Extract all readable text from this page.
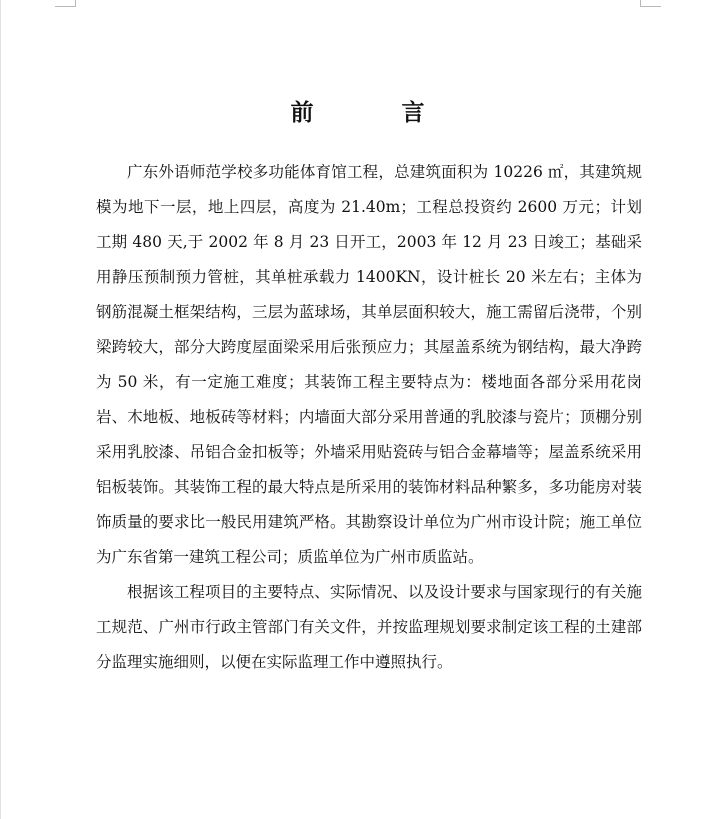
前 言

广东外语师范学校多功能体育馆工程，总建筑面积为 10226 ㎡，其建筑规模为地下一层，地上四层，高度为 21.40m；工程总投资约 2600 万元；计划工期 480 天,于 2002 年 8 月 23 日开工，2003 年 12 月 23 日竣工；基础采用静压预制预力管桩，其单桩承载力 1400KN，设计桩长 20 米左右；主体为钢筋混凝土框架结构，三层为蓝球场，其单层面积较大，施工需留后浇带，个别梁跨较大，部分大跨度屋面梁采用后张预应力；其屋盖系统为钢结构，最大净跨为 50 米，有一定施工难度；其装饰工程主要特点为：楼地面各部分采用花岗岩、木地板、地板砖等材料；内墙面大部分采用普通的乳胶漆与瓷片；顶棚分别采用乳胶漆、吊铝合金扣板等；外墙采用贴瓷砖与铝合金幕墙等；屋盖系统采用铝板装饰。其装饰工程的最大特点是所采用的装饰材料品种繁多，多功能房对装饰质量的要求比一般民用建筑严格。其勘察设计单位为广州市设计院；施工单位为广东省第一建筑工程公司；质监单位为广州市质监站。

根据该工程项目的主要特点、实际情况、以及设计要求与国家现行的有关施工规范、广州市行政主管部门有关文件，并按监理规划要求制定该工程的土建部分监理实施细则，以便在实际监理工作中遵照执行。
